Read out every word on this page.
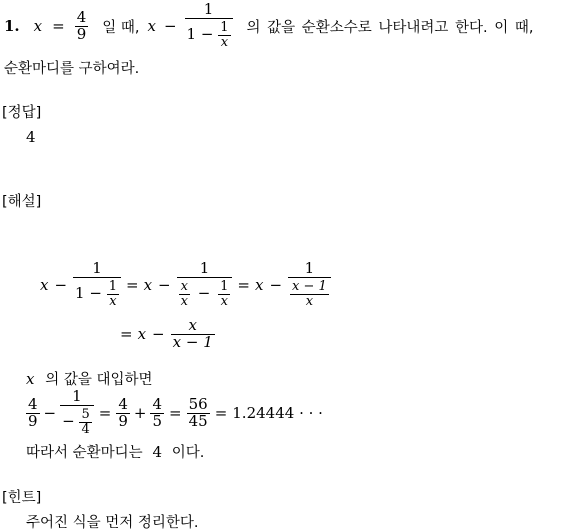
1. $x = \frac{4}{9}$ 일 때, $x - \frac{1}{1 - \frac{1}{x}}$ 의 값을 순환소수로 나타내려고 한다. 이 때,
순환마디를 구하여라.
[정답]
4
[해설]
$x - \frac{1}{1 - \frac{1}{x}} = x - \frac{1}{\frac{x}{x} - \frac{1}{x}} = x - \frac{1}{\frac{x - 1}{x}}$
= $x - \frac{x}{x - 1}$
x 의 값을 대입하면
$\frac{4}{9} - \frac{1}{- \frac{5}{4}} = \frac{4}{9} + \frac{4}{5} = \frac{56}{45} = 1.24444$ · · ·
따라서 순환마디는 4 이다.
[힌트]
주어진 식을 먼저 정리한다.
